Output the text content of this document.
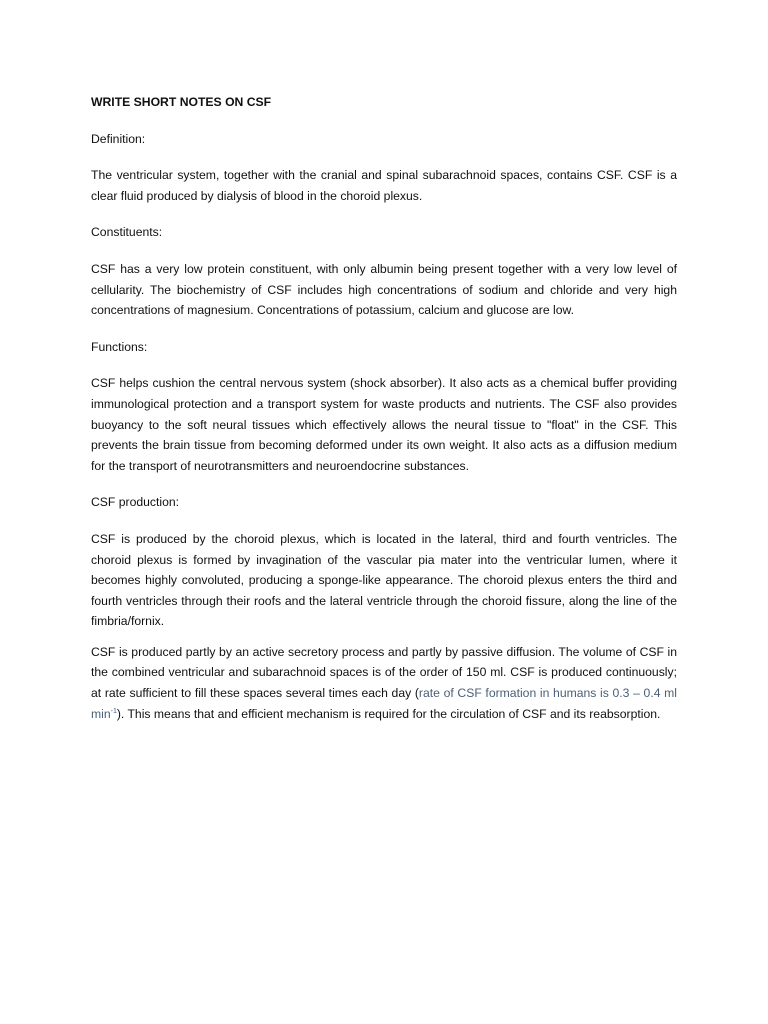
WRITE SHORT NOTES ON CSF
Definition:
The ventricular system, together with the cranial and spinal subarachnoid spaces, contains CSF. CSF is a clear fluid produced by dialysis of blood in the choroid plexus.
Constituents:
CSF has a very low protein constituent, with only albumin being present together with a very low level of cellularity. The biochemistry of CSF includes high concentrations of sodium and chloride and very high concentrations of magnesium. Concentrations of potassium, calcium and glucose are low.
Functions:
CSF helps cushion the central nervous system (shock absorber). It also acts as a chemical buffer providing immunological protection and a transport system for waste products and nutrients. The CSF also provides buoyancy to the soft neural tissues which effectively allows the neural tissue to "float" in the CSF. This prevents the brain tissue from becoming deformed under its own weight. It also acts as a diffusion medium for the transport of neurotransmitters and neuroendocrine substances.
CSF production:
CSF is produced by the choroid plexus, which is located in the lateral, third and fourth ventricles. The choroid plexus is formed by invagination of the vascular pia mater into the ventricular lumen, where it becomes highly convoluted, producing a sponge-like appearance. The choroid plexus enters the third and fourth ventricles through their roofs and the lateral ventricle through the choroid fissure, along the line of the fimbria/fornix.
CSF is produced partly by an active secretory process and partly by passive diffusion. The volume of CSF in the combined ventricular and subarachnoid spaces is of the order of 150 ml. CSF is produced continuously; at rate sufficient to fill these spaces several times each day (rate of CSF formation in humans is 0.3 – 0.4 ml $\min^{-1}$). This means that and efficient mechanism is required for the circulation of CSF and its reabsorption.
